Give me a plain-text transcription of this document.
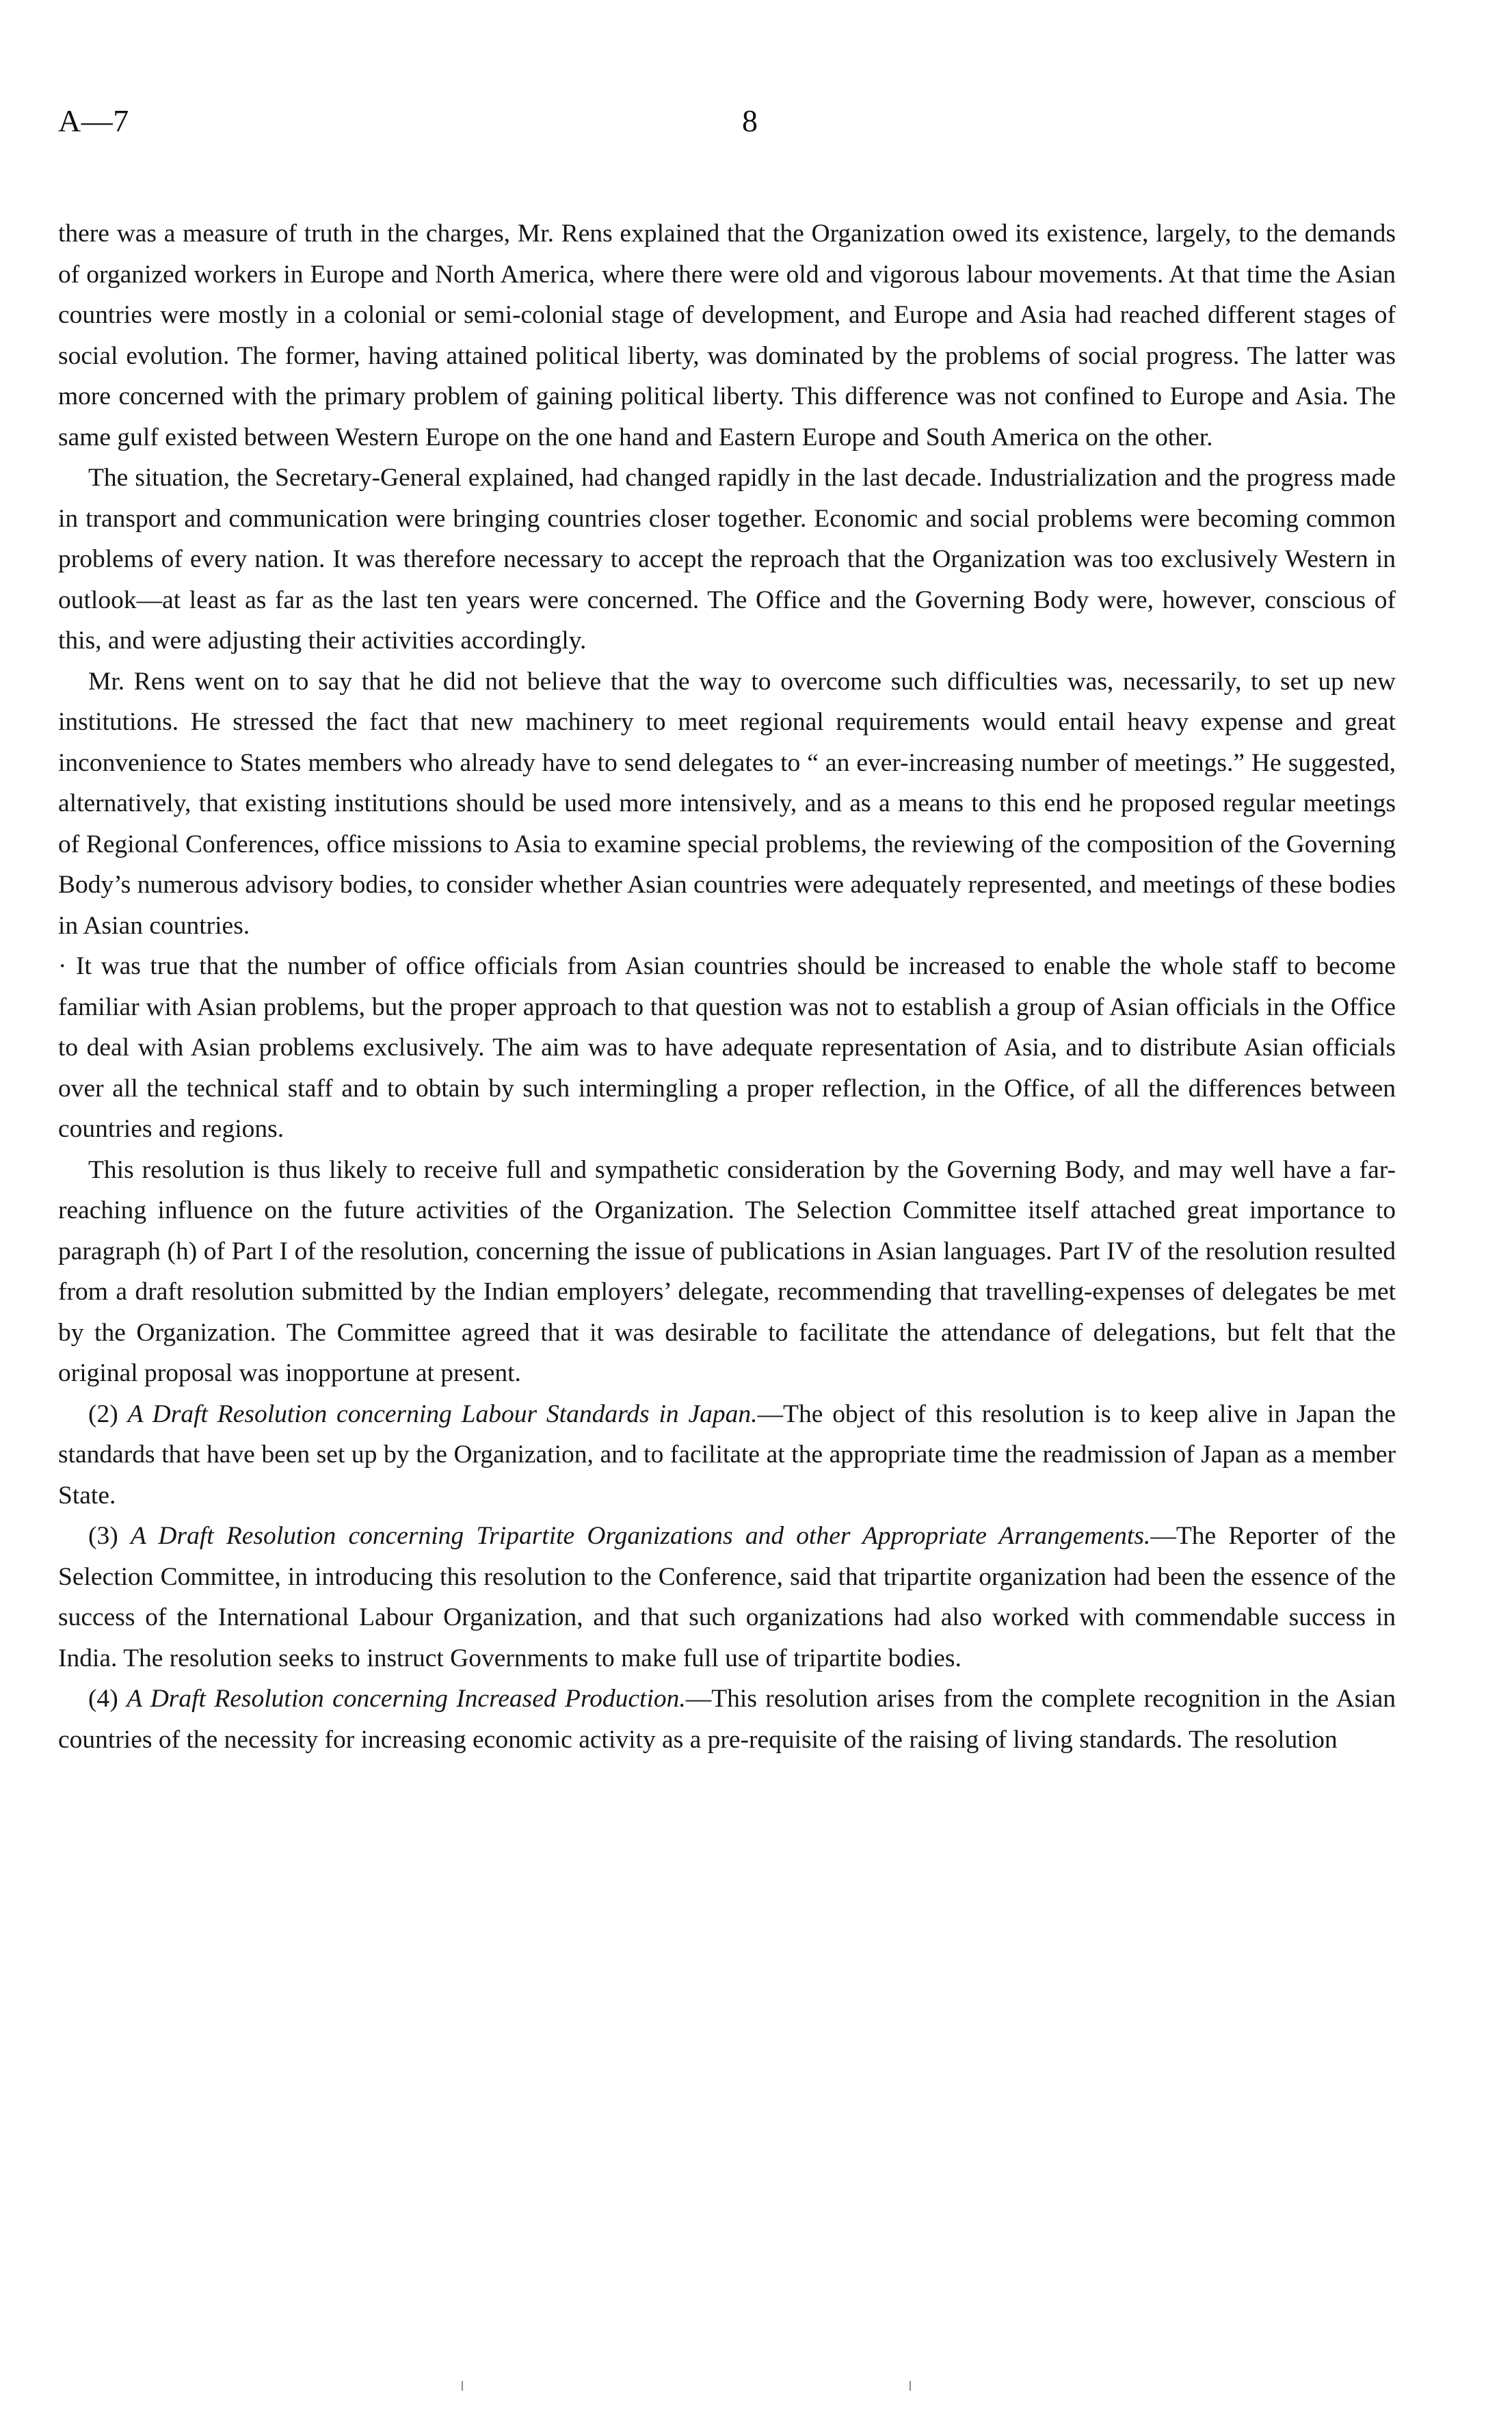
A—7	8

there was a measure of truth in the charges, Mr. Rens explained that the Organization owed its existence, largely, to the demands of organized workers in Europe and North America, where there were old and vigorous labour movements. At that time the Asian countries were mostly in a colonial or semi-colonial stage of development, and Europe and Asia had reached different stages of social evolution. The former, having attained political liberty, was dominated by the problems of social progress. The latter was more concerned with the primary problem of gaining political liberty. This difference was not confined to Europe and Asia. The same gulf existed between Western Europe on the one hand and Eastern Europe and South America on the other.

The situation, the Secretary-General explained, had changed rapidly in the last decade. Industrialization and the progress made in transport and communication were bringing countries closer together. Economic and social problems were becoming common problems of every nation. It was therefore necessary to accept the reproach that the Organization was too exclusively Western in outlook—at least as far as the last ten years were concerned. The Office and the Governing Body were, however, conscious of this, and were adjusting their activities accordingly.

Mr. Rens went on to say that he did not believe that the way to overcome such difficulties was, necessarily, to set up new institutions. He stressed the fact that new machinery to meet regional requirements would entail heavy expense and great inconvenience to States members who already have to send delegates to “ an ever-increasing number of meetings.” He suggested, alternatively, that existing institutions should be used more intensively, and as a means to this end he proposed regular meetings of Regional Conferences, office missions to Asia to examine special problems, the reviewing of the composition of the Governing Body’s numerous advisory bodies, to consider whether Asian countries were adequately represented, and meetings of these bodies in Asian countries.

· It was true that the number of office officials from Asian countries should be increased to enable the whole staff to become familiar with Asian problems, but the proper approach to that question was not to establish a group of Asian officials in the Office to deal with Asian problems exclusively. The aim was to have adequate representation of Asia, and to distribute Asian officials over all the technical staff and to obtain by such intermingling a proper reflection, in the Office, of all the differences between countries and regions.

This resolution is thus likely to receive full and sympathetic consideration by the Governing Body, and may well have a far-reaching influence on the future activities of the Organization. The Selection Committee itself attached great importance to paragraph (h) of Part I of the resolution, concerning the issue of publications in Asian languages. Part IV of the resolution resulted from a draft resolution submitted by the Indian employers’ delegate, recommending that travelling-expenses of delegates be met by the Organization. The Committee agreed that it was desirable to facilitate the attendance of delegations, but felt that the original proposal was inopportune at present.

(2) A Draft Resolution concerning Labour Standards in Japan.—The object of this resolution is to keep alive in Japan the standards that have been set up by the Organization, and to facilitate at the appropriate time the readmission of Japan as a member State.

(3) A Draft Resolution concerning Tripartite Organizations and other Appropriate Arrangements.—The Reporter of the Selection Committee, in introducing this resolution to the Conference, said that tripartite organization had been the essence of the success of the International Labour Organization, and that such organizations had also worked with commendable success in India. The resolution seeks to instruct Governments to make full use of tripartite bodies.

(4) A Draft Resolution concerning Increased Production.—This resolution arises from the complete recognition in the Asian countries of the necessity for increasing economic activity as a pre-requisite of the raising of living standards. The resolution
